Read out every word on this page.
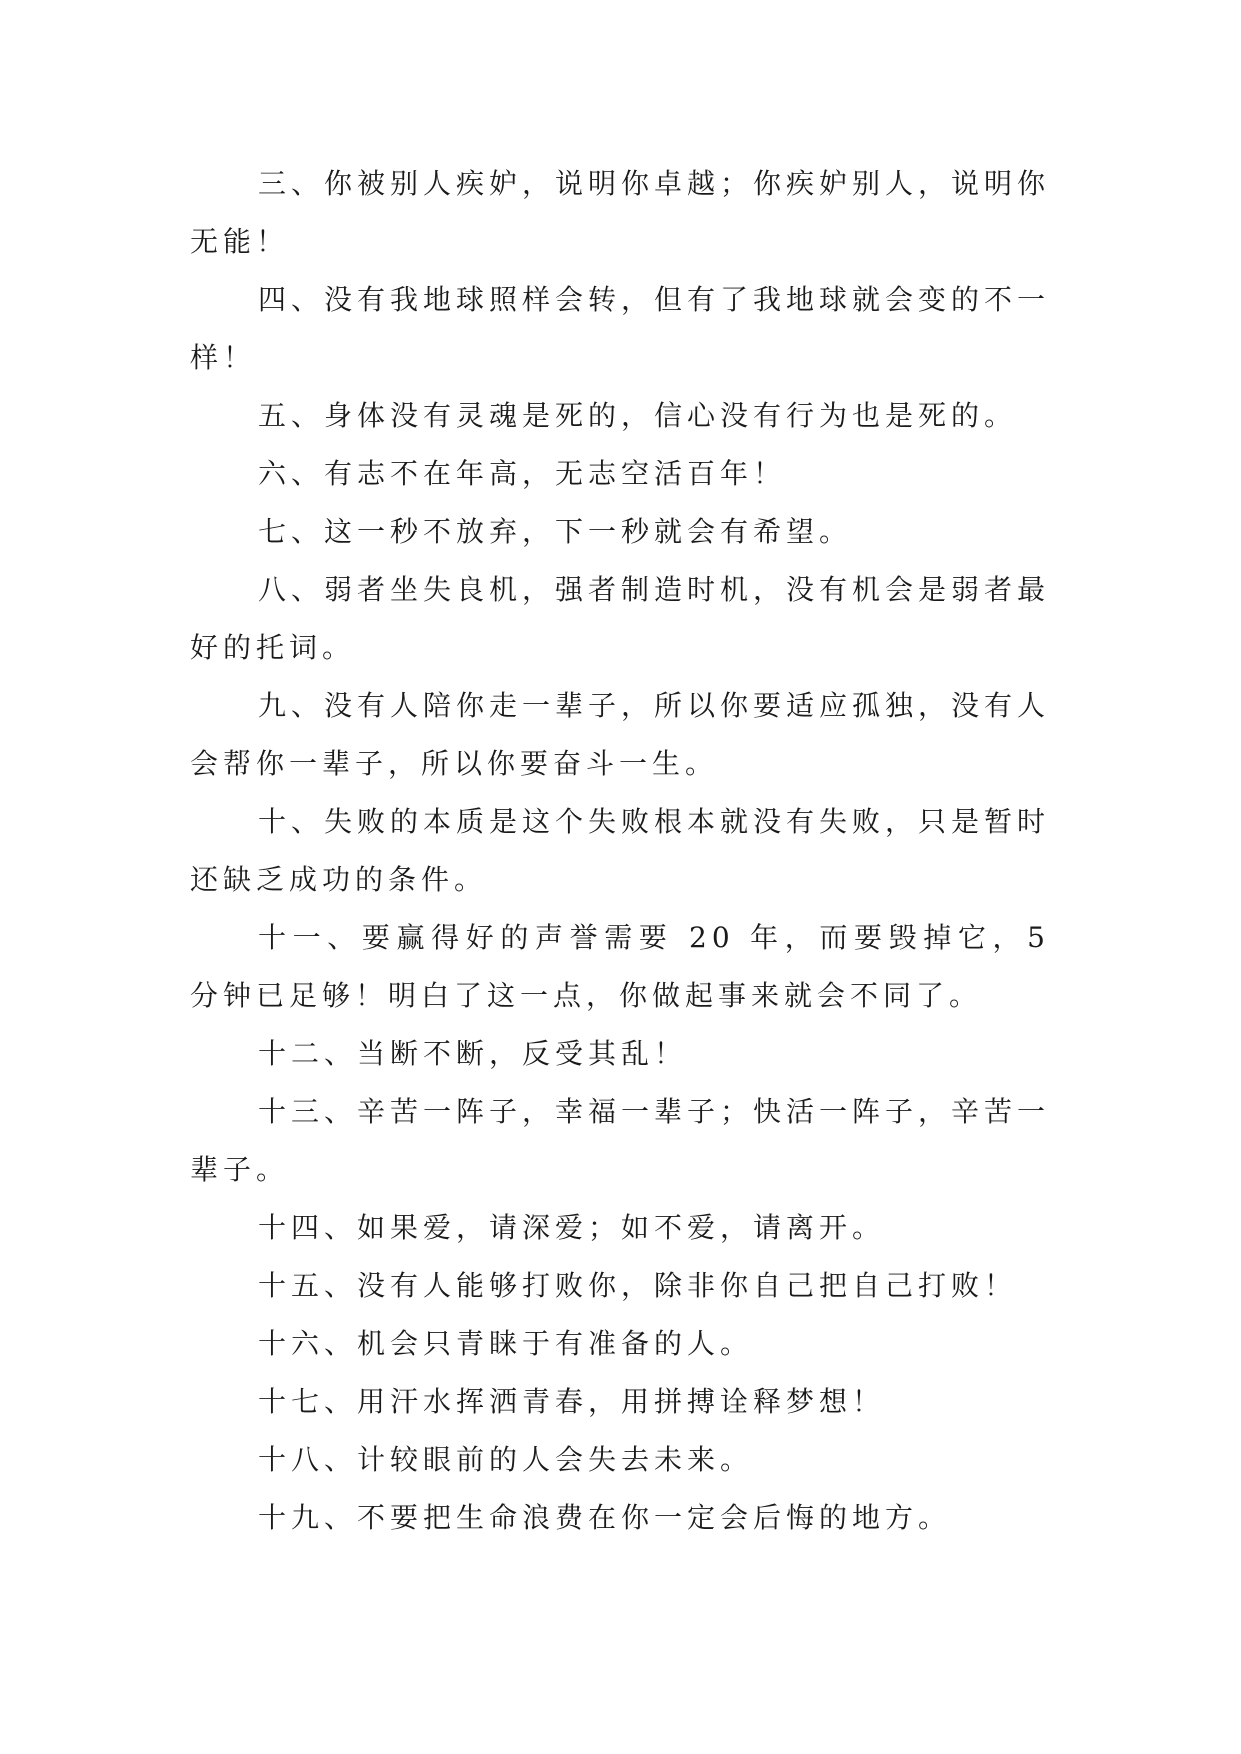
三、你被别人疾妒，说明你卓越；你疾妒别人，说明你无能！

四、没有我地球照样会转，但有了我地球就会变的不一样！

五、身体没有灵魂是死的，信心没有行为也是死的。

六、有志不在年高，无志空活百年！

七、这一秒不放弃，下一秒就会有希望。

八、弱者坐失良机，强者制造时机，没有机会是弱者最好的托词。

九、没有人陪你走一辈子，所以你要适应孤独，没有人会帮你一辈子，所以你要奋斗一生。

十、失败的本质是这个失败根本就没有失败，只是暂时还缺乏成功的条件。

十一、要赢得好的声誉需要 20 年，而要毁掉它，5 分钟已足够！明白了这一点，你做起事来就会不同了。

十二、当断不断，反受其乱！

十三、辛苦一阵子，幸福一辈子；快活一阵子，辛苦一辈子。

十四、如果爱，请深爱；如不爱，请离开。

十五、没有人能够打败你，除非你自己把自己打败！

十六、机会只青睐于有准备的人。

十七、用汗水挥洒青春，用拼搏诠释梦想！

十八、计较眼前的人会失去未来。

十九、不要把生命浪费在你一定会后悔的地方。
